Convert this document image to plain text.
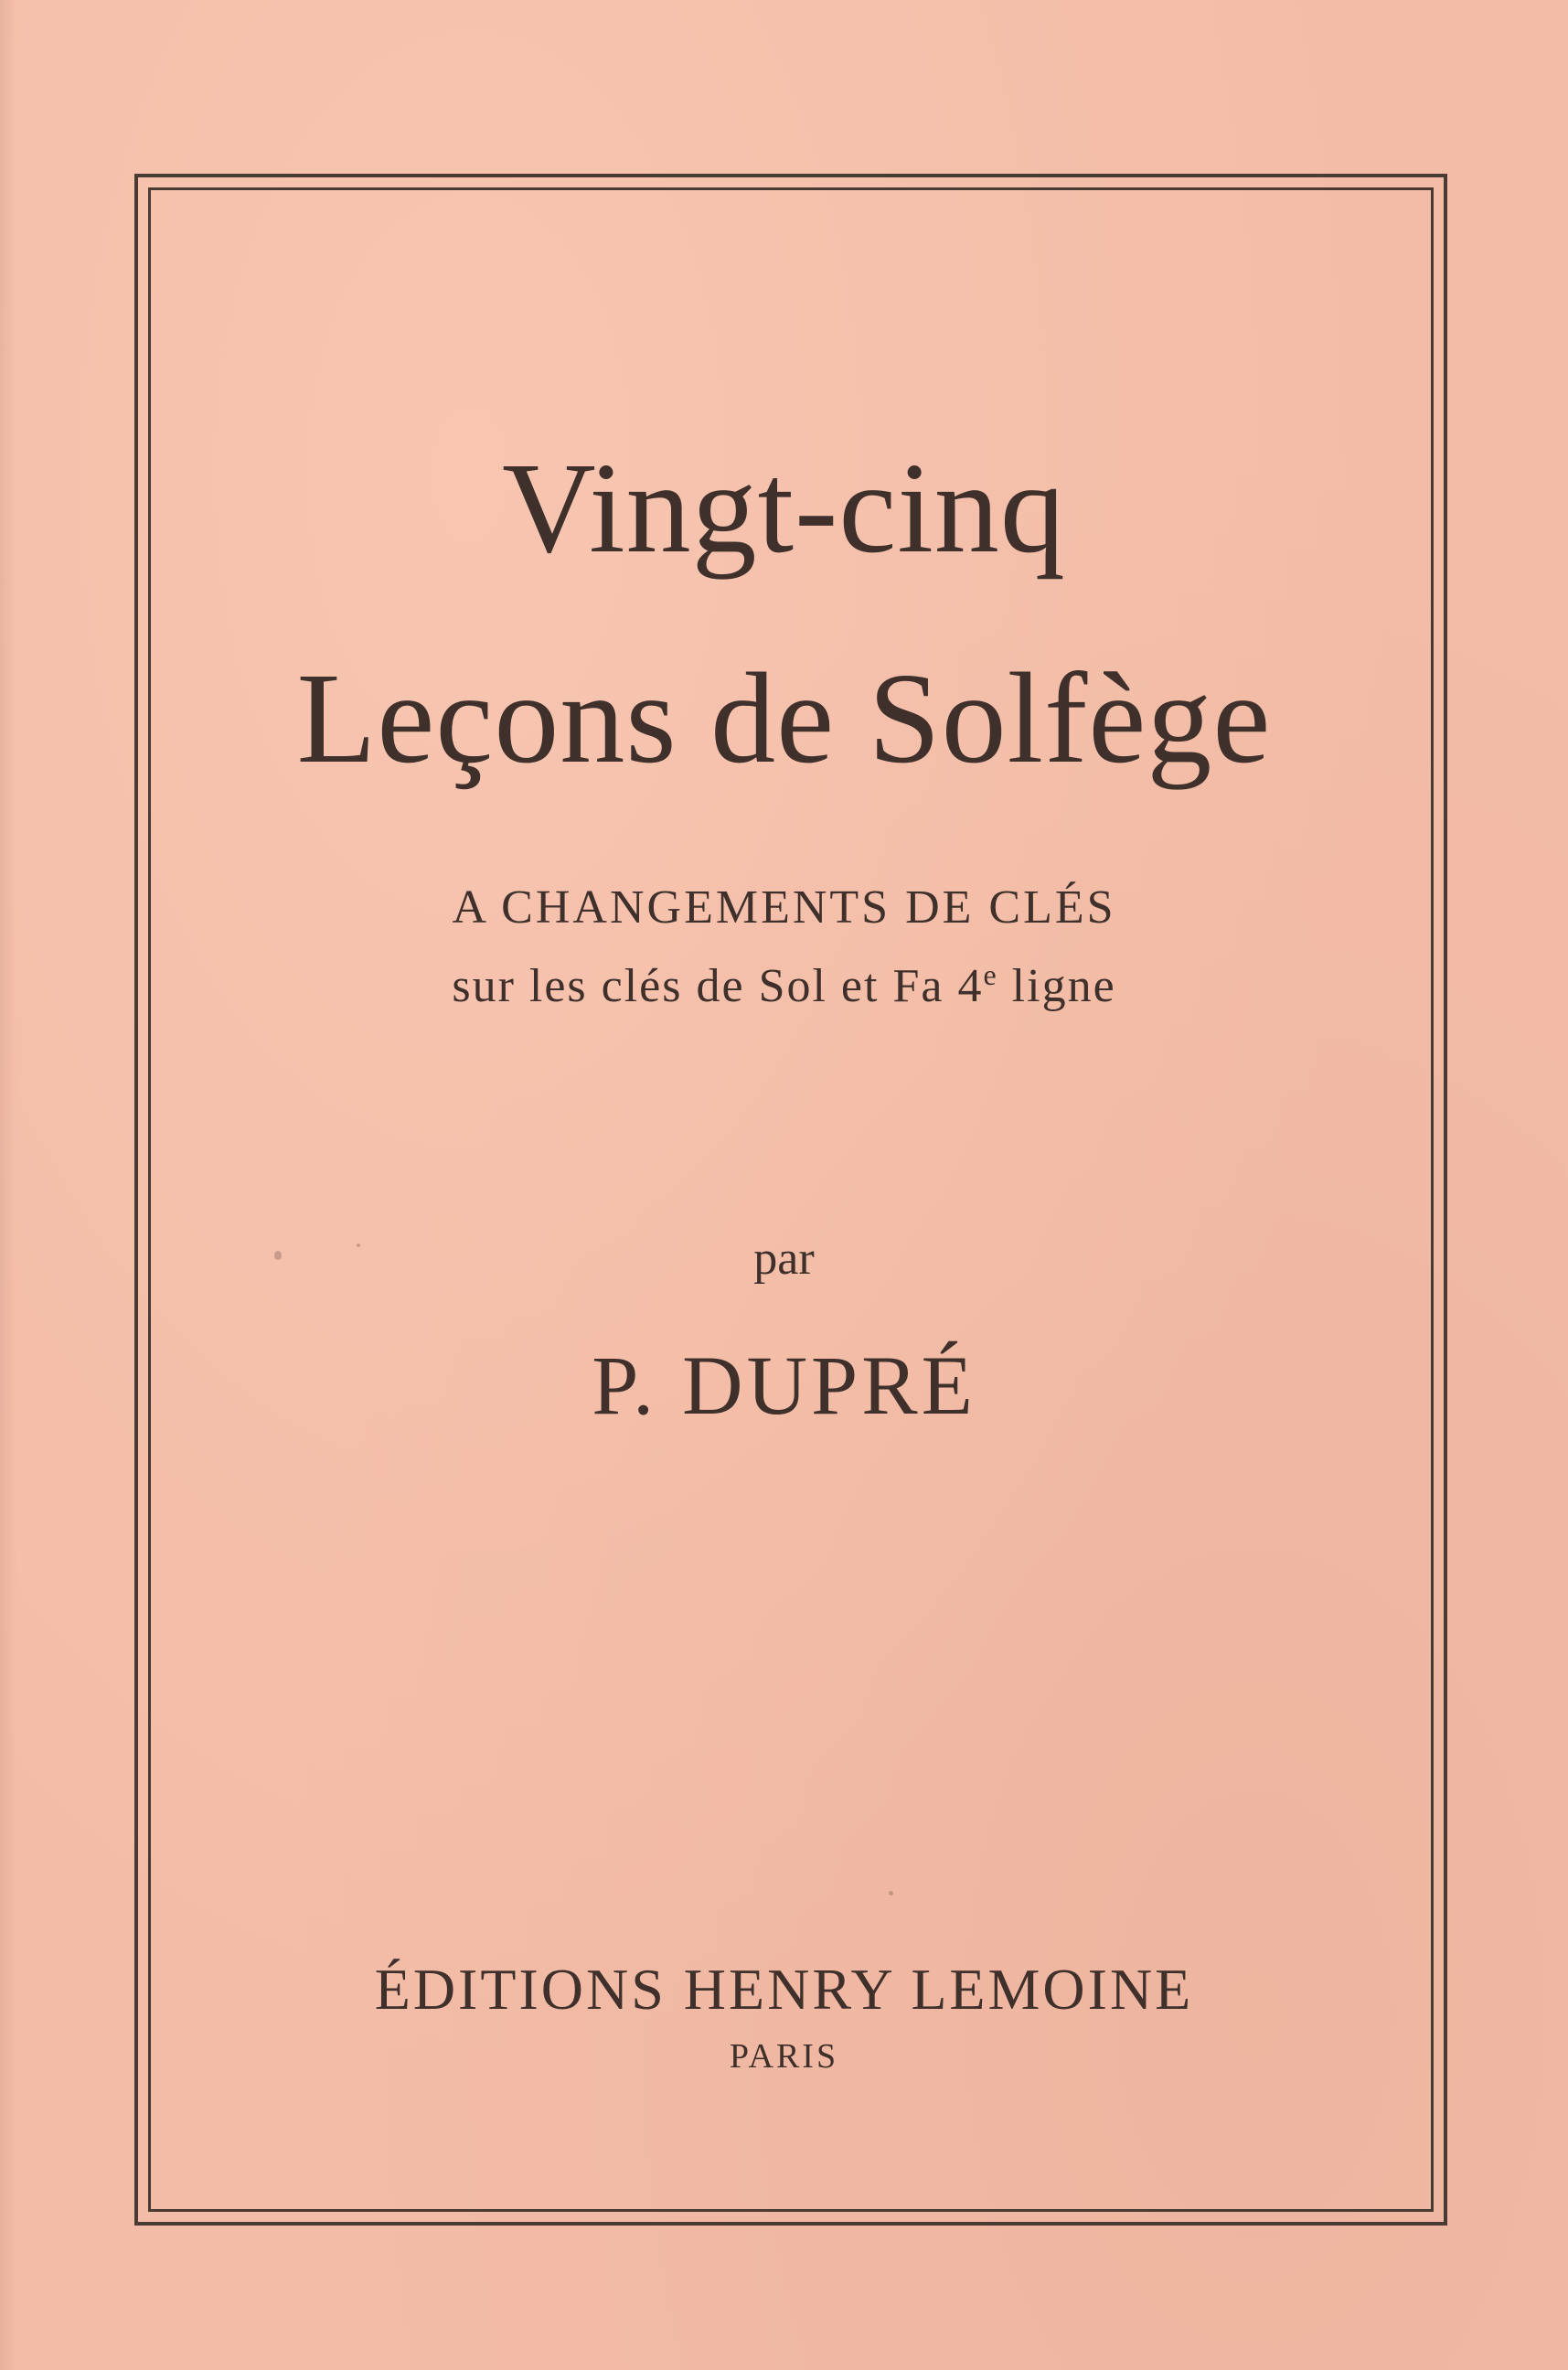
Vingt-cinq
Leçons de Solfège
A CHANGEMENTS DE CLÉS
sur les clés de Sol et Fa 4e ligne
par
P. DUPRÉ
ÉDITIONS HENRY LEMOINE
PARIS
